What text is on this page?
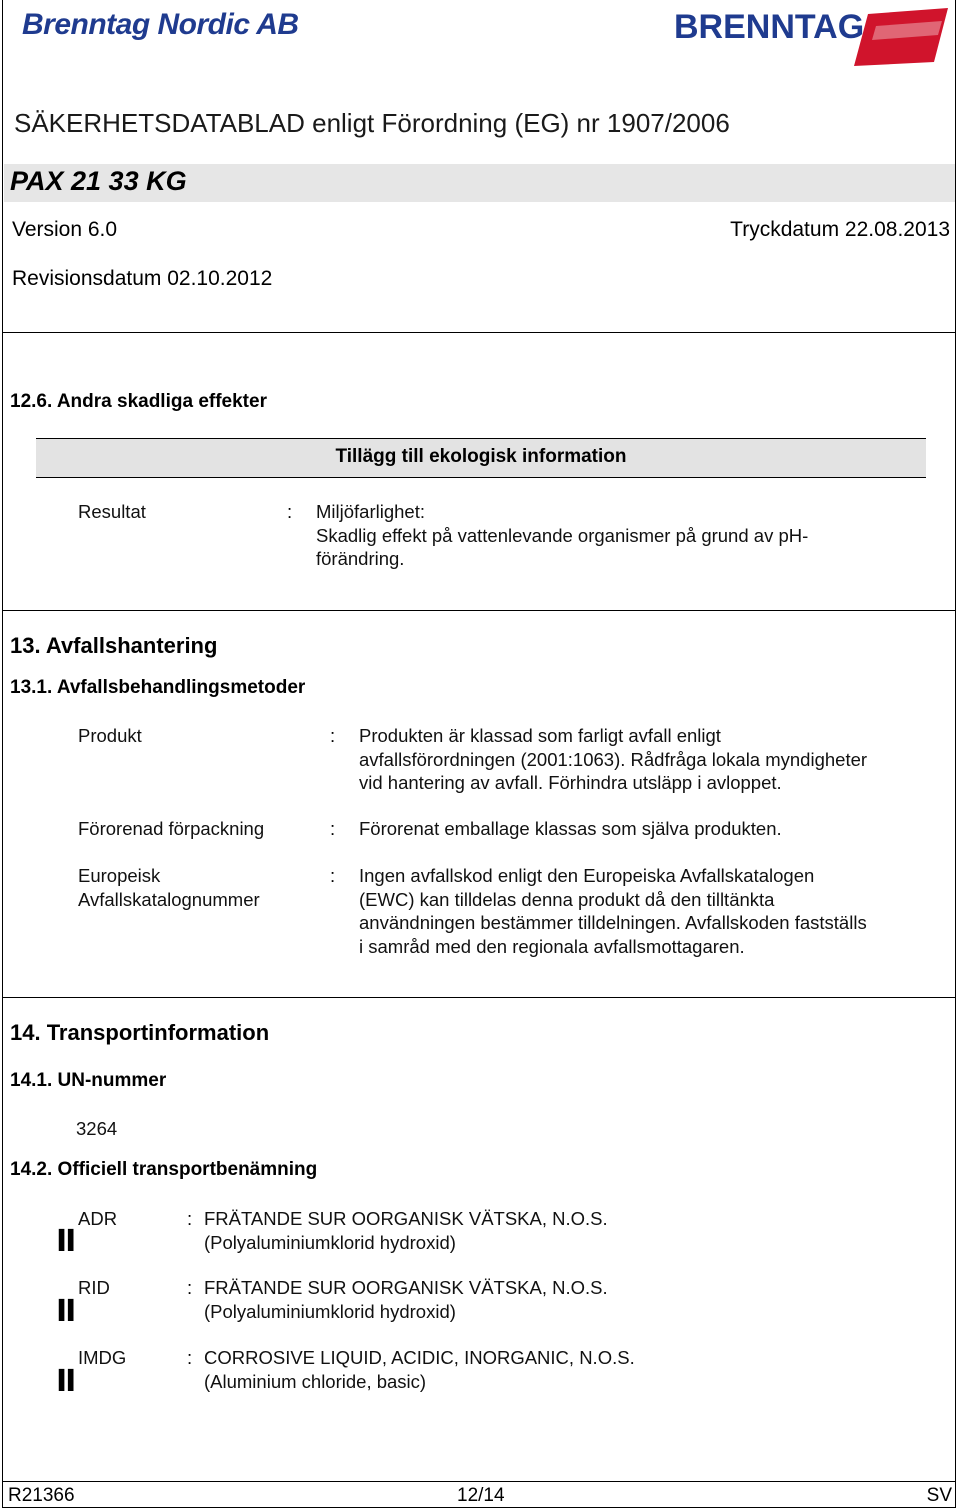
Brenntag Nordic AB	BRENNTAG
SÄKERHETSDATABLAD enligt Förordning (EG) nr 1907/2006
PAX 21 33 KG
Version 6.0	Tryckdatum 22.08.2013
Revisionsdatum 02.10.2012
12.6. Andra skadliga effekter
Tillägg till ekologisk information
Resultat	: Miljöfarlighet:
Skadlig effekt på vattenlevande organismer på grund av pH-
förändring.
13. Avfallshantering
13.1. Avfallsbehandlingsmetoder
Produkt	: Produkten är klassad som farligt avfall enligt
avfallsförordningen (2001:1063). Rådfråga lokala myndigheter
vid hantering av avfall. Förhindra utsläpp i avloppet.
Förorenad förpackning	: Förorenat emballage klassas som själva produkten.
Europeisk
Avfallskatalognummer
: Ingen avfallskod enligt den Europeiska Avfallskatalogen
(EWC) kan tilldelas denna produkt då den tilltänkta
användningen bestämmer tilldelningen. Avfallskoden fastställs
i samråd med den regionala avfallsmottagaren.
14. Transportinformation
14.1. UN-nummer
3264
14.2. Officiell transportbenämning
II
ADR	: FRÄTANDE SUR OORGANISK VÄTSKA, N.O.S.
(Polyaluminiumklorid hydroxid)
II
RID	: FRÄTANDE SUR OORGANISK VÄTSKA, N.O.S.
(Polyaluminiumklorid hydroxid)
II
IMDG	: CORROSIVE LIQUID, ACIDIC, INORGANIC, N.O.S.
(Aluminium chloride, basic)
R21366	12/14	SV
